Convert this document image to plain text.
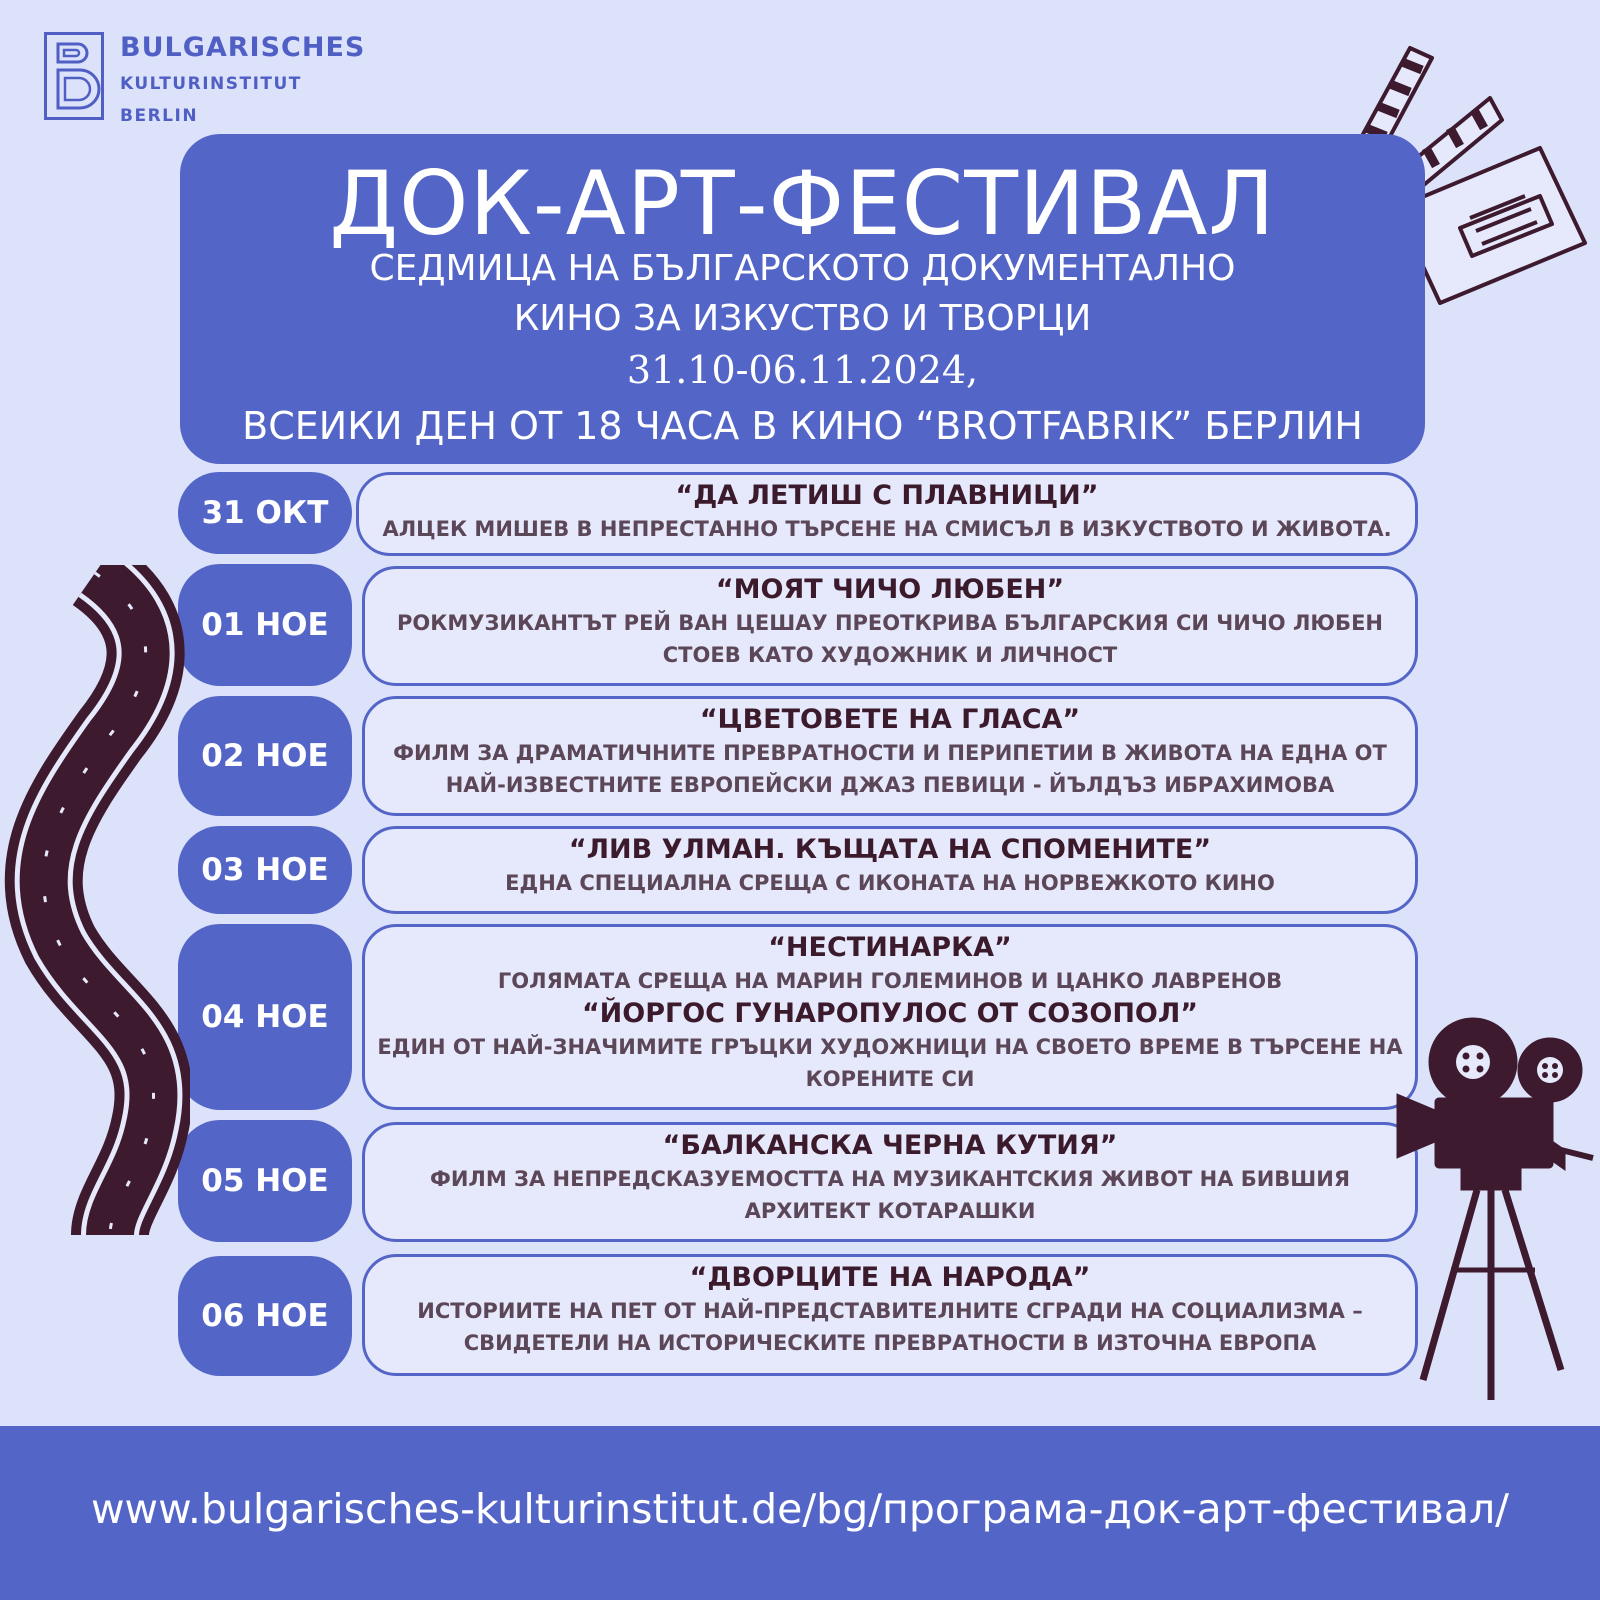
BULGARISCHES
KULTURINSTITUT
BERLIN
ДОК-АРТ-ФЕСТИВАЛ
СЕДМИЦА НА БЪЛГАРСКОТО ДОКУМЕНТАЛНО
КИНО ЗА ИЗКУСТВО И ТВОРЦИ
31.10-06.11.2024,
ВСЕИКИ ДЕН ОТ 18 ЧАСА В КИНО “BROTFABRIK” БЕРЛИН
31 ОКТ	“ДА ЛЕТИШ С ПЛАВНИЦИ”
АЛЦЕК МИШЕВ В НЕПРЕСТАННО ТЪРСЕНЕ НА СМИСЪЛ В ИЗКУСТВОТО И ЖИВОТА.
01 НОЕ
“МОЯТ ЧИЧО ЛЮБЕН”
РОКМУЗИКАНТЪТ РЕЙ ВАН ЦЕШАУ ПРЕОТКРИВА БЪЛГАРСКИЯ СИ ЧИЧО ЛЮБЕН СТОЕВ КАТО ХУДОЖНИК И ЛИЧНОСТ
02 НОЕ
“ЦВЕТОВЕТЕ НА ГЛАСА”
ФИЛМ ЗА ДРАМАТИЧНИТЕ ПРЕВРАТНОСТИ И ПЕРИПЕТИИ В ЖИВОТА НА ЕДНА ОТ НАЙ-ИЗВЕСТНИТЕ ЕВРОПЕЙСКИ ДЖАЗ ПЕВИЦИ - ЙЪЛДЪЗ ИБРАХИМОВА
03 НОЕ
“ЛИВ УЛМАН. КЪЩАТА НА СПОМЕНИТЕ”
ЕДНА СПЕЦИАЛНА СРЕЩА С ИКОНАТА НА НОРВЕЖКОТО КИНО
04 НОЕ
“НЕСТИНАРКА”
ГОЛЯМАТА СРЕЩА НА МАРИН ГОЛЕМИНОВ И ЦАНКО ЛАВРЕНОВ
“ЙОРГОС ГУНАРОПУЛОС ОТ СОЗОПОЛ”
ЕДИН ОТ НАЙ-ЗНАЧИМИТЕ ГРЪЦКИ ХУДОЖНИЦИ НА СВОЕТО ВРЕМЕ В ТЪРСЕНЕ НА КОРЕНИТЕ СИ
05 НОЕ
“БАЛКАНСКА ЧЕРНА КУТИЯ”
ФИЛМ ЗА НЕПРЕДСКАЗУЕМОСТТА НА МУЗИКАНТСКИЯ ЖИВОТ НА БИВШИЯ АРХИТЕКТ КОТАРАШКИ
06 НОЕ
“ДВОРЦИТЕ НА НАРОДА”
ИСТОРИИТЕ НА ПЕТ ОТ НАЙ-ПРЕДСТАВИТЕЛНИТЕ СГРАДИ НА СОЦИАЛИЗМА – СВИДЕТЕЛИ НА ИСТОРИЧЕСКИТЕ ПРЕВРАТНОСТИ В ИЗТОЧНА ЕВРОПА
www.bulgarisches-kulturinstitut.de/bg/програма-док-арт-фестивал/
